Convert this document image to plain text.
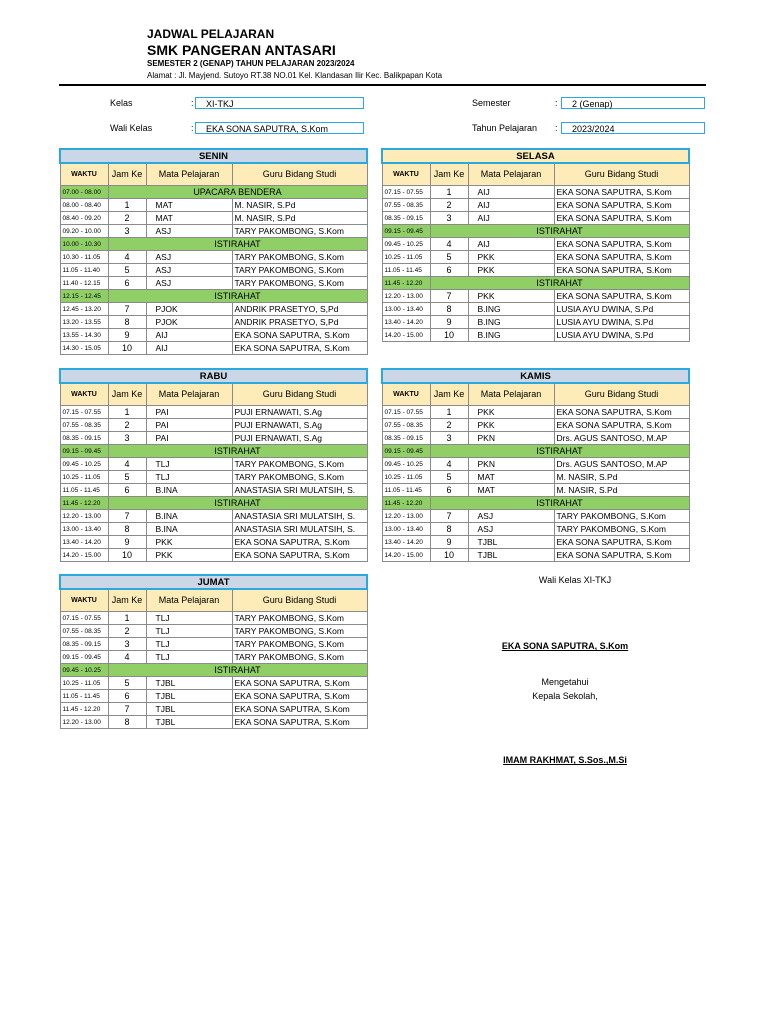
JADWAL PELAJARAN
SMK PANGERAN ANTASARI
SEMESTER 2 (GENAP) TAHUN PELAJARAN 2023/2024
Alamat : Jl. Mayjend. Sutoyo RT.38 NO.01 Kel. Klandasan Ilir Kec. Balikpapan Kota
Kelas	:	XI-TKJ
Wali Kelas	:	EKA SONA SAPUTRA, S.Kom
Semester	:	2 (Genap)
Tahun Pelajaran :	2023/2024
SENIN			
WAKTU	Jam Ke	Mata Pelajaran	Guru Bidang Studi
07.00 - 08.00	UPACARA BENDERA		
08.00 - 08.40	1	MAT	M. NASIR, S.Pd
08.40 - 09.20	2	MAT	M. NASIR, S.Pd
09.20 - 10.00	3	ASJ	TARY PAKOMBONG, S.Kom
10.00 - 10.30	ISTIRAHAT		
10.30 - 11.05	4	ASJ	TARY PAKOMBONG, S.Kom
11.05 - 11.40	5	ASJ	TARY PAKOMBONG, S.Kom
11.40 - 12.15	6	ASJ	TARY PAKOMBONG, S.Kom
12.15 - 12.45	ISTIRAHAT		
12.45 - 13.20	7	PJOK	ANDRIK PRASETYO, S,Pd
13.20 - 13.55	8	PJOK	ANDRIK PRASETYO, S,Pd
13.55 - 14.30	9	AIJ	EKA SONA SAPUTRA, S.Kom
14.30 - 15.05	10	AIJ	EKA SONA SAPUTRA, S.Kom
SELASA			
WAKTU	Jam Ke	Mata Pelajaran	Guru Bidang Studi
07.15 - 07.55	1	AIJ	EKA SONA SAPUTRA, S.Kom
07.55 - 08.35	2	AIJ	EKA SONA SAPUTRA, S.Kom
08.35 - 09.15	3	AIJ	EKA SONA SAPUTRA, S.Kom
09.15 - 09.45	ISTIRAHAT		
09.45 - 10.25	4	AIJ	EKA SONA SAPUTRA, S.Kom
10.25 - 11.05	5	PKK	EKA SONA SAPUTRA, S.Kom
11.05 - 11.45	6	PKK	EKA SONA SAPUTRA, S.Kom
11.45 - 12.20	ISTIRAHAT		
12.20 - 13.00	7	PKK	EKA SONA SAPUTRA, S.Kom
13.00 - 13.40	8	B.ING	LUSIA AYU DWINA, S.Pd
13.40 - 14.20	9	B.ING	LUSIA AYU DWINA, S.Pd
14.20 - 15.00	10	B.ING	LUSIA AYU DWINA, S.Pd
RABU			
WAKTU	Jam Ke	Mata Pelajaran	Guru Bidang Studi
07.15 - 07.55	1	PAI	PUJI ERNAWATI, S.Ag
07.55 - 08.35	2	PAI	PUJI ERNAWATI, S.Ag
08.35 - 09.15	3	PAI	PUJI ERNAWATI, S.Ag
09.15 - 09.45	ISTIRAHAT		
09.45 - 10.25	4	TLJ	TARY PAKOMBONG, S.Kom
10.25 - 11.05	5	TLJ	TARY PAKOMBONG, S.Kom
11.05 - 11.45	6	B.INA	ANASTASIA SRI MULATSIH, S.
11.45 - 12.20	ISTIRAHAT		
12.20 - 13.00	7	B.INA	ANASTASIA SRI MULATSIH, S.
13.00 - 13.40	8	B.INA	ANASTASIA SRI MULATSIH, S.
13.40 - 14.20	9	PKK	EKA SONA SAPUTRA, S.Kom
14.20 - 15.00	10	PKK	EKA SONA SAPUTRA, S.Kom
KAMIS			
WAKTU	Jam Ke	Mata Pelajaran	Guru Bidang Studi
07.15 - 07.55	1	PKK	EKA SONA SAPUTRA, S.Kom
07.55 - 08.35	2	PKK	EKA SONA SAPUTRA, S.Kom
08.35 - 09.15	3	PKN	Drs. AGUS SANTOSO, M.AP
09.15 - 09.45	ISTIRAHAT		
09.45 - 10.25	4	PKN	Drs. AGUS SANTOSO, M.AP
10.25 - 11.05	5	MAT	M. NASIR, S.Pd
11.05 - 11.45	6	MAT	M. NASIR, S.Pd
11.45 - 12.20	ISTIRAHAT		
12.20 - 13.00	7	ASJ	TARY PAKOMBONG, S.Kom
13.00 - 13.40	8	ASJ	TARY PAKOMBONG, S.Kom
13.40 - 14.20	9	TJBL	EKA SONA SAPUTRA, S.Kom
14.20 - 15.00	10	TJBL	EKA SONA SAPUTRA, S.Kom
JUMAT			
WAKTU	Jam Ke	Mata Pelajaran	Guru Bidang Studi
07.15 - 07.55	1	TLJ	TARY PAKOMBONG, S.Kom
07.55 - 08.35	2	TLJ	TARY PAKOMBONG, S.Kom
08.35 - 09.15	3	TLJ	TARY PAKOMBONG, S.Kom
09.15 - 09.45	4	TLJ	TARY PAKOMBONG, S.Kom
09.45 - 10.25	ISTIRAHAT		
10.25 - 11.05	5	TJBL	EKA SONA SAPUTRA, S.Kom
11.05 - 11.45	6	TJBL	EKA SONA SAPUTRA, S.Kom
11.45 - 12.20	7	TJBL	EKA SONA SAPUTRA, S.Kom
12.20 - 13.00	8	TJBL	EKA SONA SAPUTRA, S.Kom
Wali Kelas XI-TKJ
EKA SONA SAPUTRA, S.Kom
Mengetahui
Kepala Sekolah,
IMAM RAKHMAT, S.Sos.,M.Si
